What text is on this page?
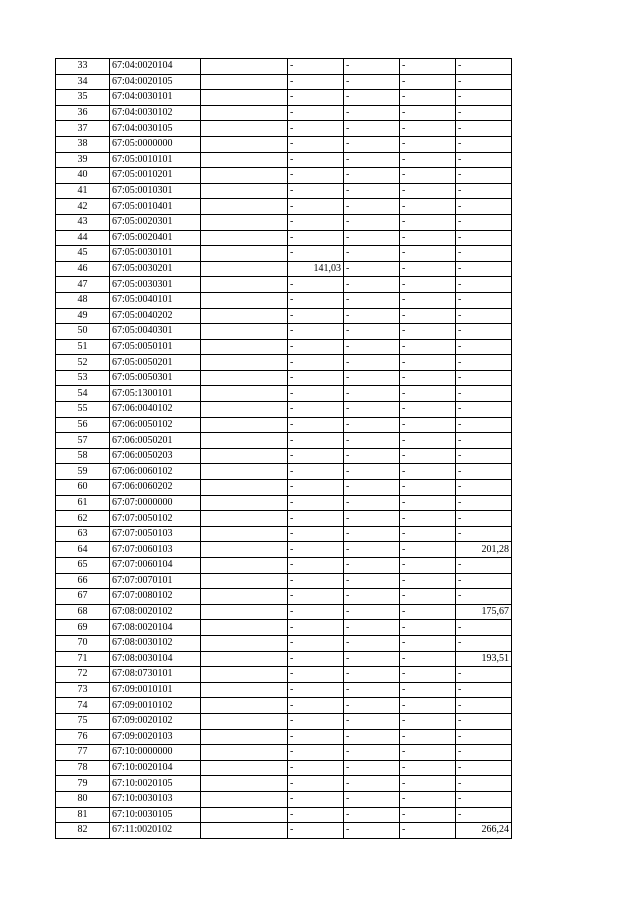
33	67:04:0020104		-	-	-	-
34	67:04:0020105		-	-	-	-
35	67:04:0030101		-	-	-	-
36	67:04:0030102		-	-	-	-
37	67:04:0030105		-	-	-	-
38	67:05:0000000		-	-	-	-
39	67:05:0010101		-	-	-	-
40	67:05:0010201		-	-	-	-
41	67:05:0010301		-	-	-	-
42	67:05:0010401		-	-	-	-
43	67:05:0020301		-	-	-	-
44	67:05:0020401		-	-	-	-
45	67:05:0030101		-	-	-	-
46	67:05:0030201		141,03	-	-	-
47	67:05:0030301		-	-	-	-
48	67:05:0040101		-	-	-	-
49	67:05:0040202		-	-	-	-
50	67:05:0040301		-	-	-	-
51	67:05:0050101		-	-	-	-
52	67:05:0050201		-	-	-	-
53	67:05:0050301		-	-	-	-
54	67:05:1300101		-	-	-	-
55	67:06:0040102		-	-	-	-
56	67:06:0050102		-	-	-	-
57	67:06:0050201		-	-	-	-
58	67:06:0050203		-	-	-	-
59	67:06:0060102		-	-	-	-
60	67:06:0060202		-	-	-	-
61	67:07:0000000		-	-	-	-
62	67:07:0050102		-	-	-	-
63	67:07:0050103		-	-	-	-
64	67:07:0060103		-	-	-	201,28
65	67:07:0060104		-	-	-	-
66	67:07:0070101		-	-	-	-
67	67:07:0080102		-	-	-	-
68	67:08:0020102		-	-	-	175,67
69	67:08:0020104		-	-	-	-
70	67:08:0030102		-	-	-	-
71	67:08:0030104		-	-	-	193,51
72	67:08:0730101		-	-	-	-
73	67:09:0010101		-	-	-	-
74	67:09:0010102		-	-	-	-
75	67:09:0020102		-	-	-	-
76	67:09:0020103		-	-	-	-
77	67:10:0000000		-	-	-	-
78	67:10:0020104		-	-	-	-
79	67:10:0020105		-	-	-	-
80	67:10:0030103		-	-	-	-
81	67:10:0030105		-	-	-	-
82	67:11:0020102		-	-	-	266,24
